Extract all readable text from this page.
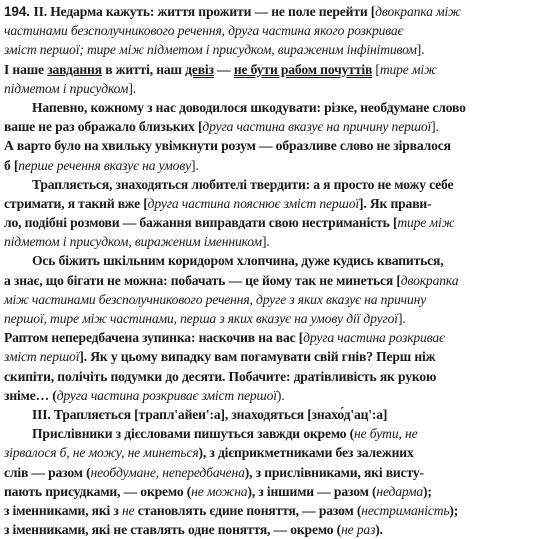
194. ІІ. Недарма кажуть: життя прожити — не поле перейти [двокрапка між
частинами безсполучникового речення, друга частина якого розкриває
зміст першої; тире між підметом і присудком, вираженим інфінітивом].
І наше завдання в житті, наш девіз — не бути рабом почуттів [тире між
підметом і присудком].
Напевно, кожному з нас доводилося шкодувати: різке, необдумане слово
ваше не раз ображало близьких [друга частина вказує на причину першої].
А варто було на хвильку увімкнути розум — образливе слово не зірвалося
б [перше речення вказує на умову].
Трапляється, знаходяться любителі твердити: а я просто не можу себе
стримати, я такий вже [друга частина пояснює зміст першої]. Як прави-
ло, подібні розмови — бажання виправдати свою нестриманість [тире між
підметом і присудком, вираженим іменником].
Ось біжить шкільним коридором хлопчина, дуже кудись квапиться,
а знає, що бігати не можна: побачать — це йому так не минеться [двокрапка
між частинами безсполучникового речення, друге з яких вказує на причину
першої, тире між частинами, перша з яких вказує на умову дії другої].
Раптом непередбачена зупинка: наскочив на вас [друга частина розкриває
зміст першої]. Як у цьому випадку вам погамувати свій гнів? Перш ніж
скипіти, полічіть подумки до десяти. Побачите: дратівливість як рукою
зніме… (друга частина розкриває зміст першої).
ІІІ. Трапляється [трапл'айеи':а], знаходяться [знахо́д'ац':а]
Прислівники з дієсловами пишуться завжди окремо (не бути, не
зірвалося б, не можу, не минеться), з дієприкметниками без залежних
слів — разом (необдумане, непередбачена), з прислівниками, які висту-
пають присудками, — окремо (не можна), з іншими — разом (недарма);
з іменниками, які з не становлять єдине поняття, — разом (нестриманість);
з іменниками, які не ставлять одне поняття, — окремо (не раз).
